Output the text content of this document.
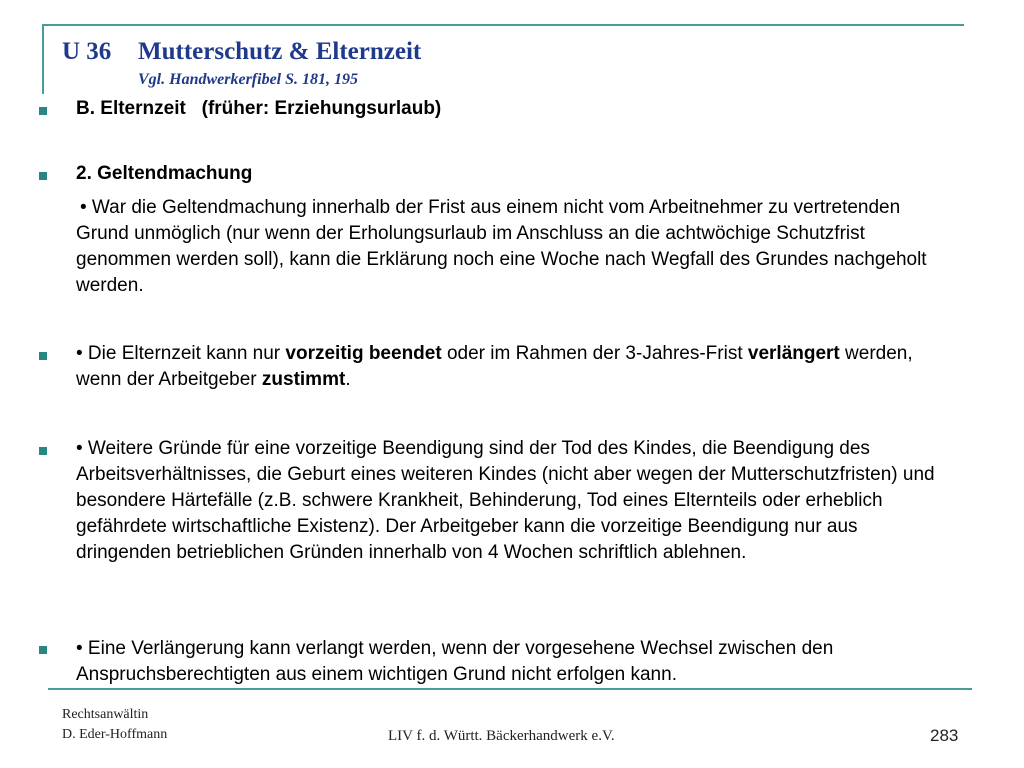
U 36 Mutterschutz & Elternzeit
Vgl. Handwerkerfibel S. 181, 195
B. Elternzeit   (früher: Erziehungsurlaub)
2. Geltendmachung
• War die Geltendmachung innerhalb der Frist aus einem nicht vom Arbeitnehmer zu vertretenden Grund unmöglich (nur wenn der Erholungsurlaub im Anschluss an die achtwöchige Schutzfrist genommen werden soll), kann die Erklärung noch eine Woche nach Wegfall des Grundes nachgeholt werden.
• Die Elternzeit kann nur vorzeitig beendet oder im Rahmen der 3-Jahres-Frist verlängert werden, wenn der Arbeitgeber zustimmt.
• Weitere Gründe für eine vorzeitige Beendigung sind der Tod des Kindes, die Beendigung des Arbeitsverhältnisses, die Geburt eines weiteren Kindes (nicht aber wegen der Mutterschutzfristen) und besondere Härtefälle (z.B. schwere Krankheit, Behinderung, Tod eines Elternteils oder erheblich gefährdete wirtschaftliche Existenz). Der Arbeitgeber kann die vorzeitige Beendigung nur aus dringenden betrieblichen Gründen innerhalb von 4 Wochen schriftlich ablehnen.
• Eine Verlängerung kann verlangt werden, wenn der vorgesehene Wechsel zwischen den Anspruchsberechtigten aus einem wichtigen Grund nicht erfolgen kann.
Rechtsanwältin
D. Eder-Hoffmann	LIV f. d. Württ. Bäckerhandwerk e.V.	283
